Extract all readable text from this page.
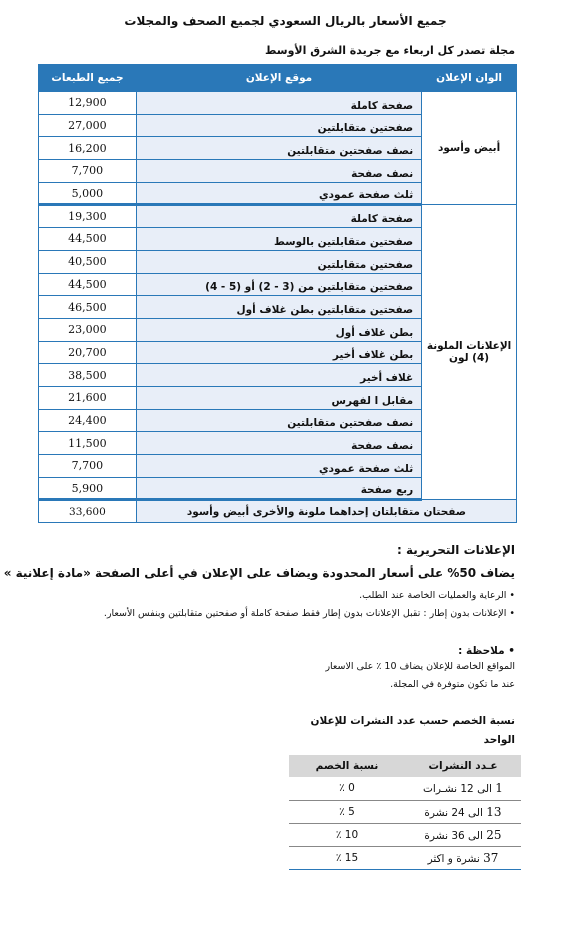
جميع الأسعار بالريال السعودي لجميع الصحف والمجلات
مجلة تصدر كل اربعاء مع جريدة الشرق الأوسط
الوان الإعلان	موقع الإعلان	جميع الطبعات
أبيض وأسود	صفحة كاملة	12,900
	صفحتين متقابلتين	27,000
	نصف صفحتين متقابلتين	16,200
	نصف صفحة	7,700
	ثلث صفحة عمودي	5,000
الإعلانات الملونة (4) لون	صفحة كاملة	19,300
	صفحتين متقابلتين بالوسط	44,500
	صفحتين متقابلتين	40,500
	صفحتين متقابلتين من (3 - 2) أو (5 - 4)	44,500
	صفحتين متقابلتين بطن غلاف أول	46,500
	بطن غلاف أول	23,000
	بطن غلاف أخير	20,700
	غلاف أخير	38,500
	مقابل ا لفهرس	21,600
	نصف صفحتين متقابلتين	24,400
	نصف صفحة	11,500
	ثلث صفحة عمودي	7,700
	ربع صفحة	5,900
صفحتان متقابلتان إحداهما ملونة والأخرى أبيض وأسود		33,600
الإعلانات التحريرية :
يضاف 50% على أسعار المحدودة ويضاف على الإعلان في أعلى الصفحة «مادة إعلانية »
• الرعاية والعمليات الخاصة عند الطلب.
• الإعلانات بدون إطار : تقبل الإعلانات بدون إطار فقط صفحة كاملة أو صفحتين متقابلتين وبنفس الأسعار.
• ملاحظة :
المواقع الخاصة للإعلان يضاف 10 ٪ على الاسعار
عند ما تكون متوفرة في المجلة.
نسبة الخصم حسب عدد النشرات للإعلان
الواحد
عـدد النشرات	نسبة الخصم
1 الى 12 نشـرات	0 ٪
13 الى 24 نشرة	5 ٪
25 الى 36 نشرة	10 ٪
37 نشرة و اكثر	15 ٪
